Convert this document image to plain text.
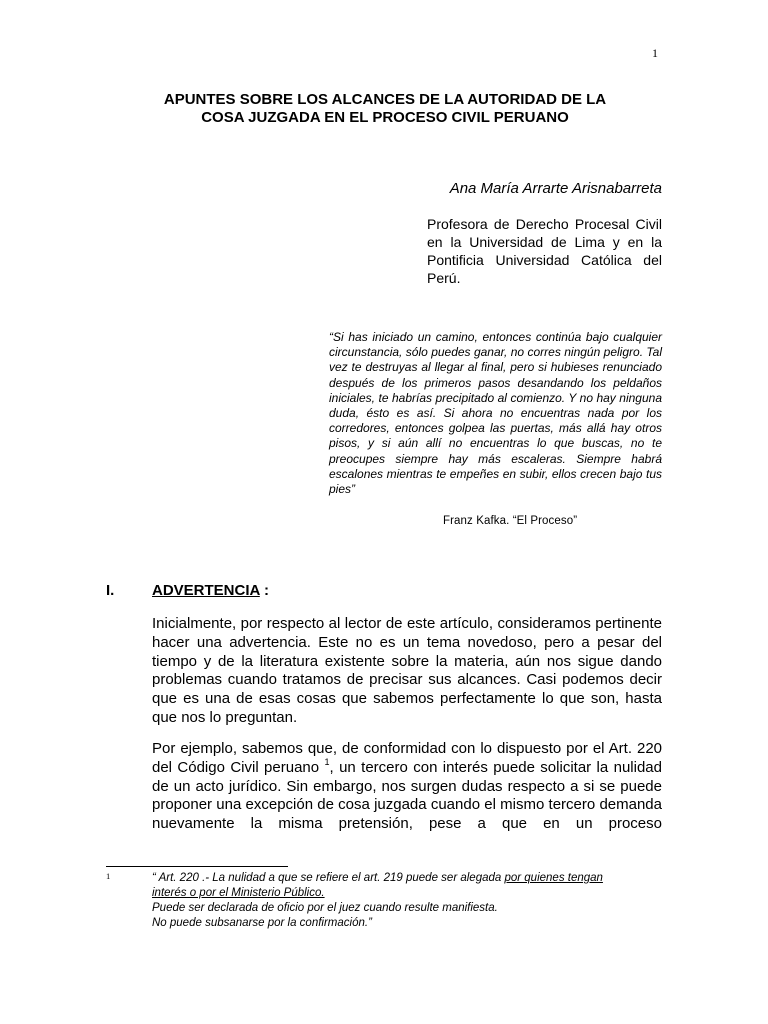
1
APUNTES SOBRE LOS ALCANCES DE LA AUTORIDAD DE LA
COSA JUZGADA EN EL PROCESO CIVIL PERUANO
Ana María Arrarte Arisnabarreta
Profesora de Derecho Procesal Civil en la Universidad de Lima y en la Pontificia Universidad Católica del Perú.
“Si has iniciado un camino, entonces continúa bajo cualquier circunstancia, sólo puedes ganar, no corres ningún peligro. Tal vez te destruyas al llegar al final, pero si hubieses renunciado después de los primeros pasos desandando los peldaños iniciales, te habrías precipitado al comienzo. Y no hay ninguna duda, ésto es así. Si ahora no encuentras nada por los corredores, entonces golpea las puertas, más allá hay otros pisos, y si aún allí no encuentras lo que buscas, no te preocupes siempre hay más escaleras. Siempre habrá escalones mientras te empeñes en subir, ellos crecen bajo tus pies”
Franz Kafka. “El Proceso”
I.	ADVERTENCIA :
Inicialmente, por respecto al lector de este artículo, consideramos pertinente hacer una advertencia. Este no es un tema novedoso, pero a pesar del tiempo y de la literatura existente sobre la materia, aún nos sigue dando problemas cuando tratamos de precisar sus alcances. Casi podemos decir que es una de esas cosas que sabemos perfectamente lo que son, hasta que nos lo preguntan.
Por ejemplo, sabemos que, de conformidad con lo dispuesto por el Art. 220 del Código Civil peruano $^1$, un tercero con interés puede solicitar la nulidad de un acto jurídico. Sin embargo, nos surgen dudas respecto a si se puede proponer una excepción de cosa juzgada cuando el mismo tercero demanda nuevamente la misma pretensión, pese a que en un proceso
1	“ Art. 220 .- La nulidad a que se refiere el art. 219 puede ser alegada por quienes tengan
interés o por el Ministerio Público.
Puede ser declarada de oficio por el juez cuando resulte manifiesta.
No puede subsanarse por la confirmación.”
